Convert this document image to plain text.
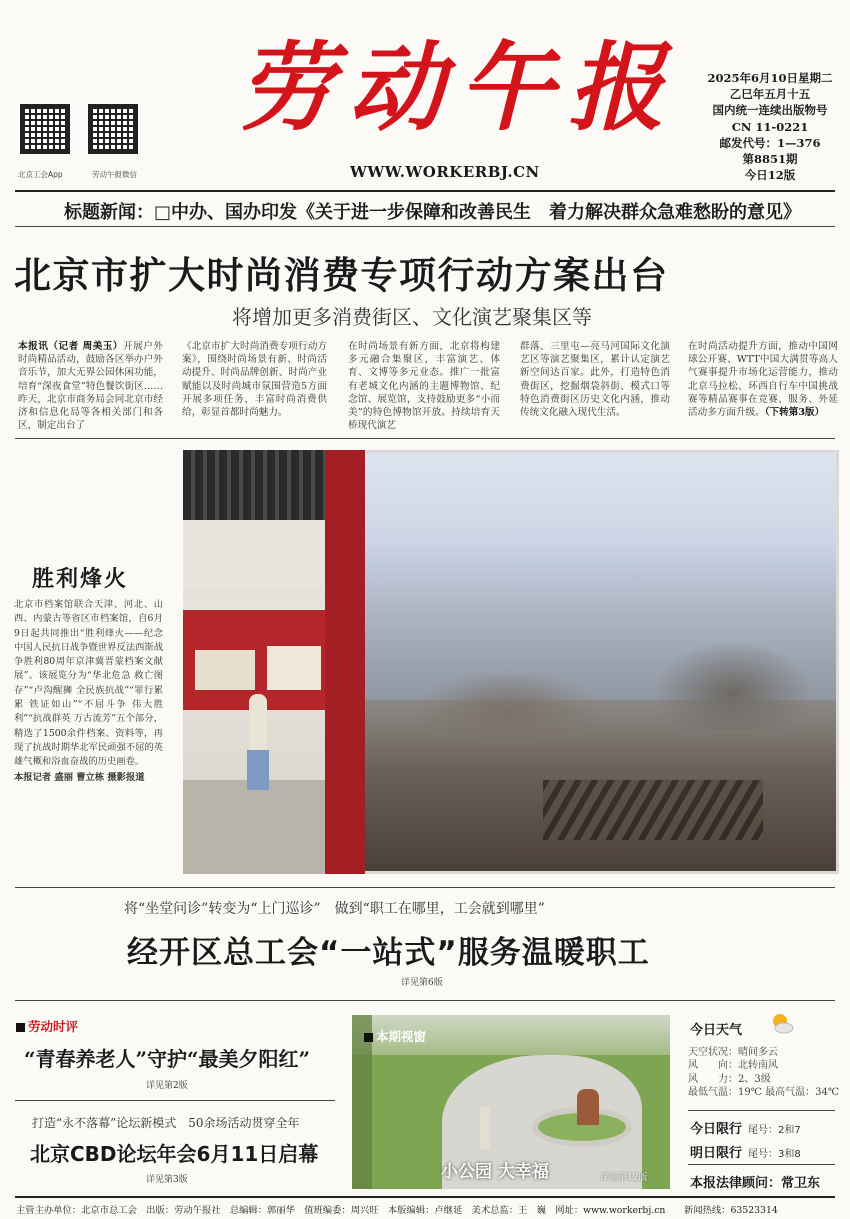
北京工会App	劳动午报微信
劳动午报
WWW.WORKERBJ.CN
2025年6月10日星期二
乙巳年五月十五
国内统一连续出版物号
CN 11-0221
邮发代号：1—376
第8851期
今日12版
标题新闻：□中办、国办印发《关于进一步保障和改善民生　着力解决群众急难愁盼的意见》
北京市扩大时尚消费专项行动方案出台
将增加更多消费街区、文化演艺聚集区等
本报讯（记者 周美玉）开展户外时尚精品活动，鼓励各区举办户外音乐节，加大无界公园休闲功能，培育“深夜食堂”特色餐饮街区……昨天，北京市商务局会同北京市经济和信息化局等各相关部门和各区，制定出台了
《北京市扩大时尚消费专项行动方案》，围绕时尚场景有新、时尚活动提升、时尚品牌创新、时尚产业赋能以及时尚城市氛围营造5方面开展多项任务，丰富时尚消费供给，彰显首都时尚魅力。
在时尚场景有新方面，北京将构建多元融合集聚区，丰富演艺、体育、文博等多元业态。推广一批富有老城文化内涵的主题博物馆、纪念馆、展览馆，支持鼓励更多“小而美”的特色博物馆开放。持续培育天桥现代演艺
群落、三里屯—亮马河国际文化演艺区等演艺聚集区，累计认定演艺新空间达百家。此外，打造特色消费街区，挖掘烟袋斜街、模式口等特色消费街区历史文化内涵，推动传统文化融入现代生活。
在时尚活动提升方面，推动中国网球公开赛、WTT中国大满贯等高人气赛事提升市场化运营能力，推动北京马拉松、环西自行车中国挑战赛等精品赛事在竞赛、服务、外延活动多方面升级。（下转第3版）
胜利烽火
北京市档案馆联合天津、河北、山西、内蒙古等省区市档案馆，自6月9日起共同推出“胜利烽火——纪念中国人民抗日战争暨世界反法西斯战争胜利80周年京津冀晋蒙档案文献展”。该展览分为“华北危急 救亡图存”“卢沟醒狮 全民族抗战”“罪行累累 铁证如山”“不屈斗争 伟大胜利”“抗战群英 万古流芳”五个部分，精选了1500余件档案、资料等，再现了抗战时期华北军民顽强不屈的英雄气概和浴血奋战的历史画卷。
本报记者 盛丽 曹立栋 摄影报道
将“坐堂问诊”转变为“上门巡诊”　做到“职工在哪里，工会就到哪里”
经开区总工会“一站式”服务温暖职工
详见第6版
劳动时评
“青春养老人”守护“最美夕阳红”
详见第2版
打造“永不落幕”论坛新模式　50余场活动贯穿全年
北京CBD论坛年会6月11日启幕
详见第3版
本期视窗
小公园 大幸福	详见第12版
今日天气
天空状况：晴间多云
风　　向：北转南风
风　　力：2、3级
最低气温：19℃ 最高气温：34℃
今日限行 尾号：2和7
明日限行 尾号：3和8
本报法律顾问：常卫东
主管主办单位：北京市总工会　出版：劳动午报社　总编辑：郭丽华　值班编委：周兴旺　本版编辑：卢继延　美术总监：王　巍　网址：www.workerbj.cn　　新闻热线：63523314
